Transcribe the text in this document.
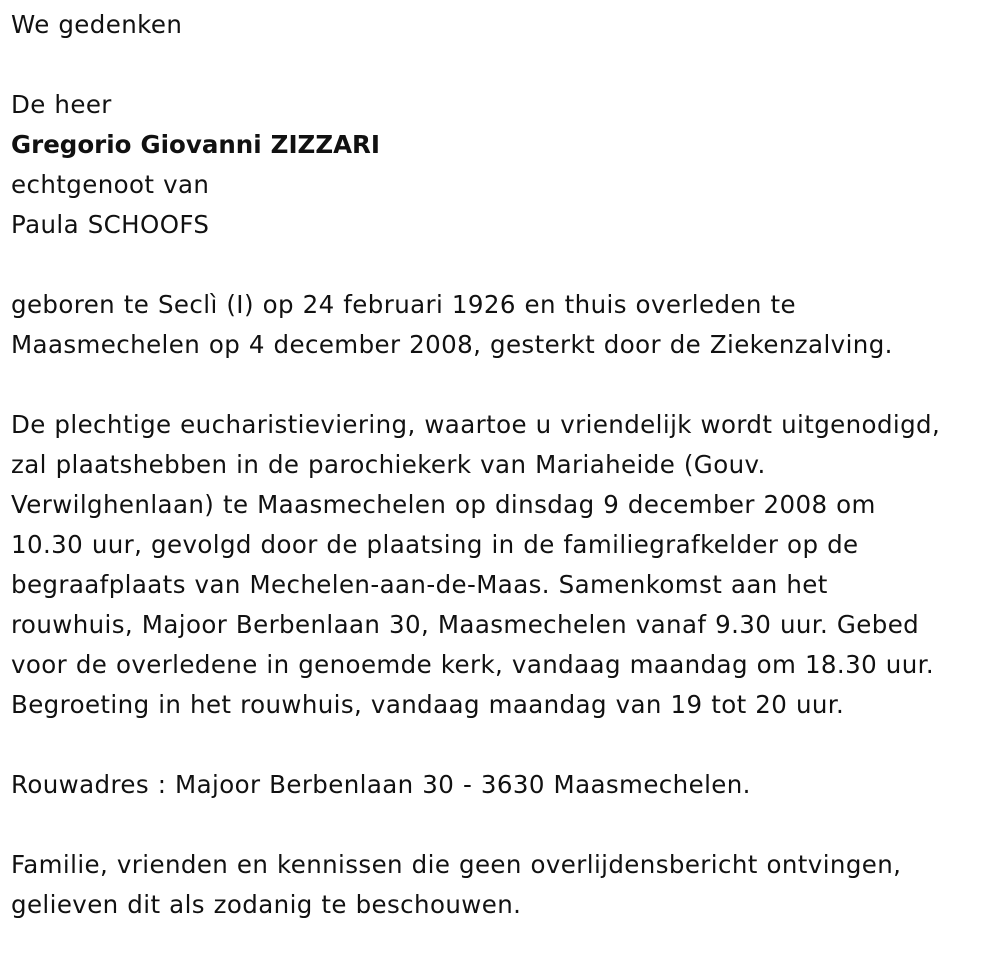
We gedenken
De heer
Gregorio Giovanni ZIZZARI
echtgenoot van
Paula SCHOOFS
geboren te Seclì (I) op 24 februari 1926 en thuis overleden te
Maasmechelen op 4 december 2008, gesterkt door de Ziekenzalving.
De plechtige eucharistieviering, waartoe u vriendelijk wordt uitgenodigd,
zal plaatshebben in de parochiekerk van Mariaheide (Gouv.
Verwilghenlaan) te Maasmechelen op dinsdag 9 december 2008 om
10.30 uur, gevolgd door de plaatsing in de familiegrafkelder op de
begraafplaats van Mechelen-aan-de-Maas. Samenkomst aan het
rouwhuis, Majoor Berbenlaan 30, Maasmechelen vanaf 9.30 uur. Gebed
voor de overledene in genoemde kerk, vandaag maandag om 18.30 uur.
Begroeting in het rouwhuis, vandaag maandag van 19 tot 20 uur.
Rouwadres : Majoor Berbenlaan 30 - 3630 Maasmechelen.
Familie, vrienden en kennissen die geen overlijdensbericht ontvingen,
gelieven dit als zodanig te beschouwen.
